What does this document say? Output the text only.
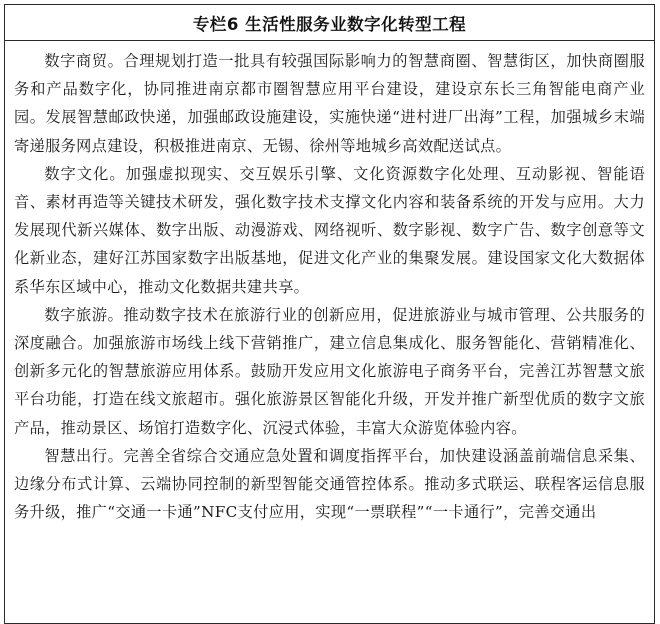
专栏6 生活性服务业数字化转型工程

数字商贸。合理规划打造一批具有较强国际影响力的智慧商圈、智慧街区，加快商圈服务和产品数字化，协同推进南京都市圈智慧应用平台建设，建设京东长三角智能电商产业园。发展智慧邮政快递，加强邮政设施建设，实施快递“进村进厂出海”工程，加强城乡末端寄递服务网点建设，积极推进南京、无锡、徐州等地城乡高效配送试点。

数字文化。加强虚拟现实、交互娱乐引擎、文化资源数字化处理、互动影视、智能语音、素材再造等关键技术研发，强化数字技术支撑文化内容和装备系统的开发与应用。大力发展现代新兴媒体、数字出版、动漫游戏、网络视听、数字影视、数字广告、数字创意等文化新业态，建好江苏国家数字出版基地，促进文化产业的集聚发展。建设国家文化大数据体系华东区域中心，推动文化数据共建共享。

数字旅游。推动数字技术在旅游行业的创新应用，促进旅游业与城市管理、公共服务的深度融合。加强旅游市场线上线下营销推广，建立信息集成化、服务智能化、营销精准化、创新多元化的智慧旅游应用体系。鼓励开发应用文化旅游电子商务平台，完善江苏智慧文旅平台功能，打造在线文旅超市。强化旅游景区智能化升级，开发并推广新型优质的数字文旅产品，推动景区、场馆打造数字化、沉浸式体验，丰富大众游览体验内容。

智慧出行。完善全省综合交通应急处置和调度指挥平台，加快建设涵盖前端信息采集、边缘分布式计算、云端协同控制的新型智能交通管控体系。推动多式联运、联程客运信息服务升级，推广“交通一卡通”NFC支付应用，实现“一票联程”“一卡通行”，完善交通出
